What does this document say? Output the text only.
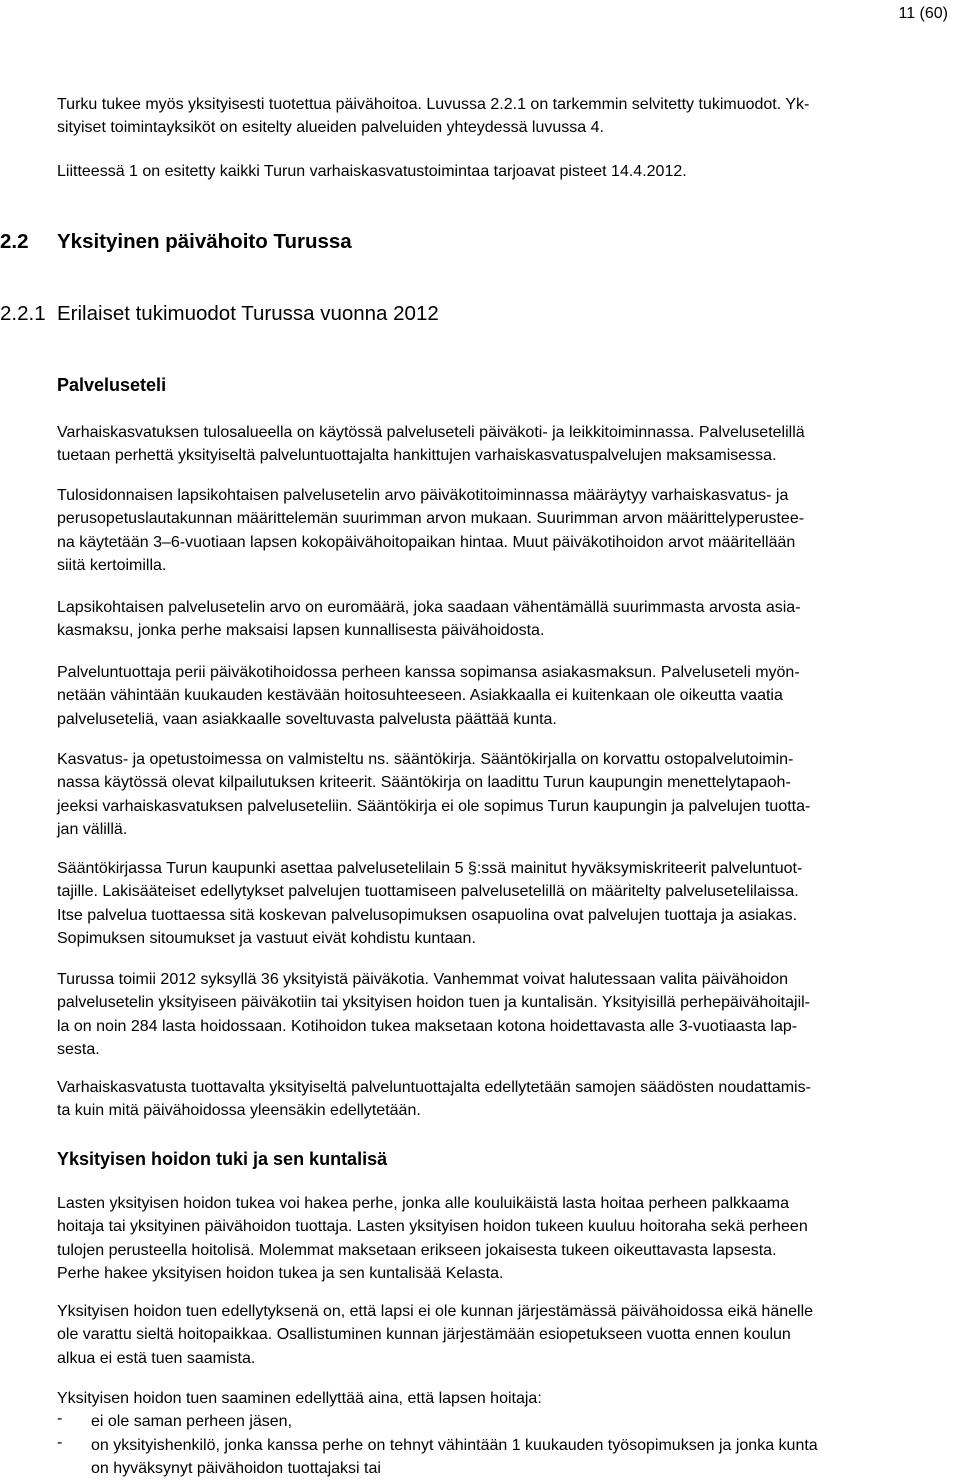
11 (60)
Turku tukee myös yksityisesti tuotettua päivähoitoa. Luvussa 2.2.1 on tarkemmin selvitetty tukimuodot. Yk-
sityiset toimintayksiköt on esitelty alueiden palveluiden yhteydessä luvussa 4.
Liitteessä 1 on esitetty kaikki Turun varhaiskasvatustoimintaa tarjoavat pisteet 14.4.2012.
2.2 Yksityinen päivähoito Turussa
2.2.1 Erilaiset tukimuodot Turussa vuonna 2012
Palveluseteli
Varhaiskasvatuksen tulosalueella on käytössä palveluseteli päiväkoti- ja leikkitoiminnassa. Palvelusetelillä
tuetaan perhettä yksityiseltä palveluntuottajalta hankittujen varhaiskasvatuspalvelujen maksamisessa.
Tulosidonnaisen lapsikohtaisen palvelusetelin arvo päiväkotitoiminnassa määräytyy varhaiskasvatus- ja
perusopetuslautakunnan määrittelemän suurimman arvon mukaan. Suurimman arvon määrittelyperustee-
na käytetään 3–6-vuotiaan lapsen kokopäivähoitopaikan hintaa. Muut päiväkotihoidon arvot määritellään
siitä kertoimilla.
Lapsikohtaisen palvelusetelin arvo on euromäärä, joka saadaan vähentämällä suurimmasta arvosta asia-
kasmaksu, jonka perhe maksaisi lapsen kunnallisesta päivähoidosta.
Palveluntuottaja perii päiväkotihoidossa perheen kanssa sopimansa asiakasmaksun. Palveluseteli myön-
netään vähintään kuukauden kestävään hoitosuhteeseen. Asiakkaalla ei kuitenkaan ole oikeutta vaatia
palveluseteliä, vaan asiakkaalle soveltuvasta palvelusta päättää kunta.
Kasvatus- ja opetustoimessa on valmisteltu ns. sääntökirja. Sääntökirjalla on korvattu ostopalvelutoimin-
nassa käytössä olevat kilpailutuksen kriteerit. Sääntökirja on laadittu Turun kaupungin menettelytapaoh-
jeeksi varhaiskasvatuksen palveluseteliin. Sääntökirja ei ole sopimus Turun kaupungin ja palvelujen tuotta-
jan välillä.
Sääntökirjassa Turun kaupunki asettaa palvelusetelilain 5 §:ssä mainitut hyväksymiskriteerit palveluntuot-
tajille. Lakisääteiset edellytykset palvelujen tuottamiseen palvelusetelillä on määritelty palvelusetelilaissa.
Itse palvelua tuottaessa sitä koskevan palvelusopimuksen osapuolina ovat palvelujen tuottaja ja asiakas.
Sopimuksen sitoumukset ja vastuut eivät kohdistu kuntaan.
Turussa toimii 2012 syksyllä 36 yksityistä päiväkotia. Vanhemmat voivat halutessaan valita päivähoidon
palvelusetelin yksityiseen päiväkotiin tai yksityisen hoidon tuen ja kuntalisän. Yksityisillä perhepäivähoitajil-
la on noin 284 lasta hoidossaan. Kotihoidon tukea maksetaan kotona hoidettavasta alle 3-vuotiaasta lap-
sesta.
Varhaiskasvatusta tuottavalta yksityiseltä palveluntuottajalta edellytetään samojen säädösten noudattamis-
ta kuin mitä päivähoidossa yleensäkin edellytetään.
Yksityisen hoidon tuki ja sen kuntalisä
Lasten yksityisen hoidon tukea voi hakea perhe, jonka alle kouluikäistä lasta hoitaa perheen palkkaama
hoitaja tai yksityinen päivähoidon tuottaja. Lasten yksityisen hoidon tukeen kuuluu hoitoraha sekä perheen
tulojen perusteella hoitolisä. Molemmat maksetaan erikseen jokaisesta tukeen oikeuttavasta lapsesta.
Perhe hakee yksityisen hoidon tukea ja sen kuntalisää Kelasta.
Yksityisen hoidon tuen edellytyksenä on, että lapsi ei ole kunnan järjestämässä päivähoidossa eikä hänelle
ole varattu sieltä hoitopaikkaa. Osallistuminen kunnan järjestämään esiopetukseen vuotta ennen koulun
alkua ei estä tuen saamista.
Yksityisen hoidon tuen saaminen edellyttää aina, että lapsen hoitaja:
- ei ole saman perheen jäsen,
- on yksityishenkilö, jonka kanssa perhe on tehnyt vähintään 1 kuukauden työsopimuksen ja jonka kunta
on hyväksynyt päivähoidon tuottajaksi tai
